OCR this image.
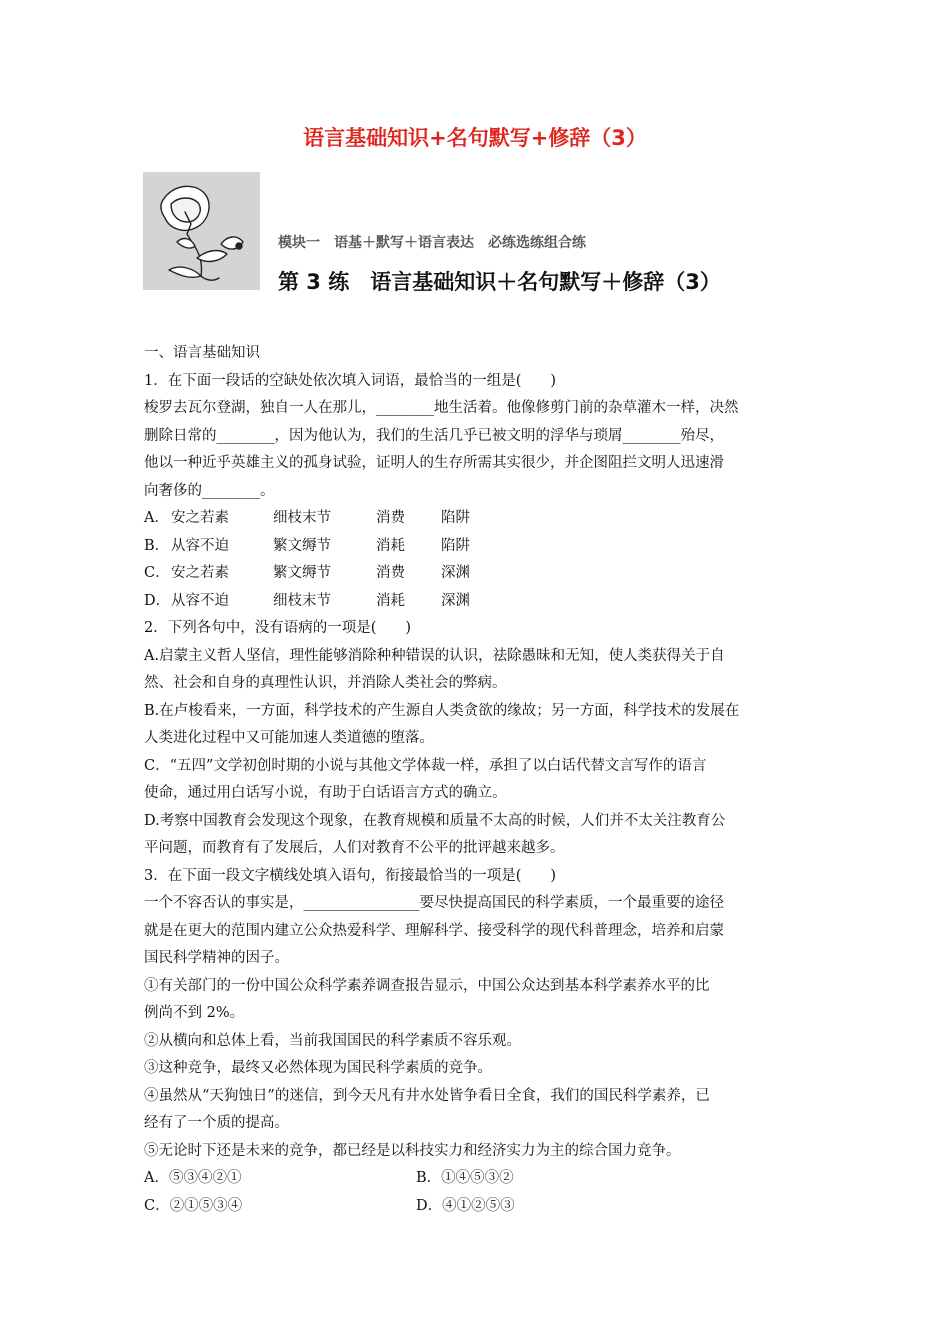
语言基础知识+名句默写+修辞（3）
模块一　语基＋默写＋语言表达　必练选练组合练
第 3 练　语言基础知识＋名句默写＋修辞（3）

一、语言基础知识

1．在下面一段话的空缺处依次填入词语，最恰当的一组是(　　)

梭罗去瓦尔登湖，独自一人在那儿，________地生活着。他像修剪门前的杂草灌木一样，决然

删除日常的________，因为他认为，我们的生活几乎已被文明的浮华与琐屑________殆尽，

他以一种近乎英雄主义的孤身试验，证明人的生存所需其实很少，并企图阻拦文明人迅速滑

向奢侈的________。

A． 安之若素	细枝末节	消费	陷阱
B． 从容不迫	繁文缛节	消耗	陷阱
C． 安之若素	繁文缛节	消费	深渊
D． 从容不迫	细枝末节	消耗	深渊

2．下列各句中，没有语病的一项是(　　)

A.启蒙主义哲人坚信，理性能够消除种种错误的认识，祛除愚昧和无知，使人类获得关于自

然、社会和自身的真理性认识，并消除人类社会的弊病。

B.在卢梭看来，一方面，科学技术的产生源自人类贪欲的缘故；另一方面，科学技术的发展在

人类进化过程中又可能加速人类道德的堕落。

C．“五四”文学初创时期的小说与其他文学体裁一样，承担了以白话代替文言写作的语言

使命，通过用白话写小说，有助于白话语言方式的确立。

D.考察中国教育会发现这个现象，在教育规模和质量不太高的时候，人们并不太关注教育公

平问题，而教育有了发展后，人们对教育不公平的批评越来越多。

3．在下面一段文字横线处填入语句，衔接最恰当的一项是(　　)

一个不容否认的事实是，________________要尽快提高国民的科学素质，一个最重要的途径

就是在更大的范围内建立公众热爱科学、理解科学、接受科学的现代科普理念，培养和启蒙

国民科学精神的因子。

①有关部门的一份中国公众科学素养调查报告显示，中国公众达到基本科学素养水平的比

例尚不到 2%。

②从横向和总体上看，当前我国国民的科学素质不容乐观。

③这种竞争，最终又必然体现为国民科学素质的竞争。

④虽然从“天狗蚀日”的迷信，到今天凡有井水处皆争看日全食，我们的国民科学素养，已

经有了一个质的提高。

⑤无论时下还是未来的竞争，都已经是以科技实力和经济实力为主的综合国力竞争。

A．⑤③④②①	B．①④⑤③②
C．②①⑤③④	D．④①②⑤③
